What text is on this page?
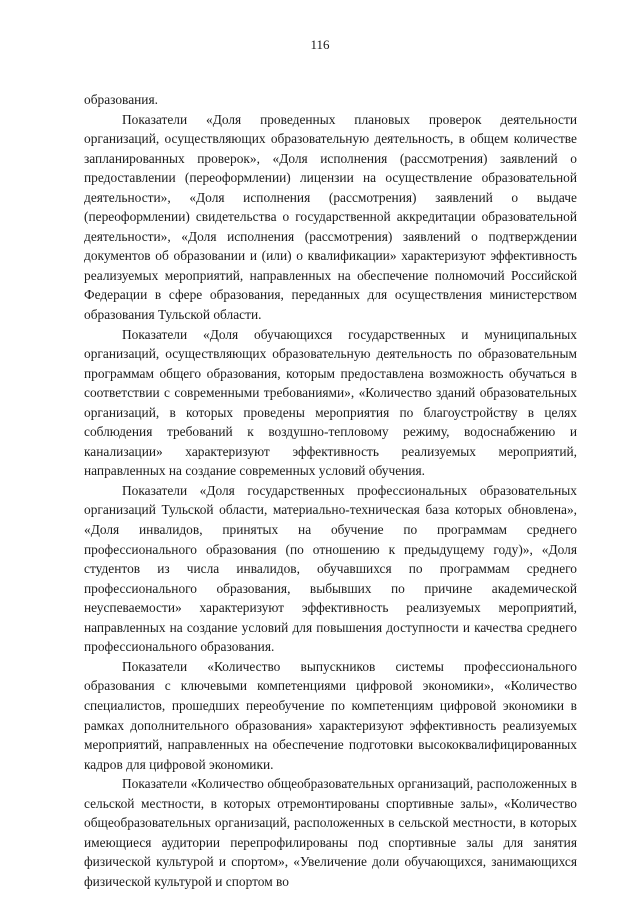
116

образования.

Показатели «Доля проведенных плановых проверок деятельности организаций, осуществляющих образовательную деятельность, в общем количестве запланированных проверок», «Доля исполнения (рассмотрения) заявлений о предоставлении (переоформлении) лицензии на осуществление образовательной деятельности», «Доля исполнения (рассмотрения) заявлений о выдаче (переоформлении) свидетельства о государственной аккредитации образовательной деятельности», «Доля исполнения (рассмотрения) заявлений о подтверждении документов об образовании и (или) о квалификации» характеризуют эффективность реализуемых мероприятий, направленных на обеспечение полномочий Российской Федерации в сфере образования, переданных для осуществления министерством образования Тульской области.

Показатели «Доля обучающихся государственных и муниципальных организаций, осуществляющих образовательную деятельность по образовательным программам общего образования, которым предоставлена возможность обучаться в соответствии с современными требованиями», «Количество зданий образовательных организаций, в которых проведены мероприятия по благоустройству в целях соблюдения требований к воздушно-тепловому режиму, водоснабжению и канализации» характеризуют эффективность реализуемых мероприятий, направленных на создание современных условий обучения.

Показатели «Доля государственных профессиональных образовательных организаций Тульской области, материально-техническая база которых обновлена», «Доля инвалидов, принятых на обучение по программам среднего профессионального образования (по отношению к предыдущему году)», «Доля студентов из числа инвалидов, обучавшихся по программам среднего профессионального образования, выбывших по причине академической неуспеваемости» характеризуют эффективность реализуемых мероприятий, направленных на создание условий для повышения доступности и качества среднего профессионального образования.

Показатели «Количество выпускников системы профессионального образования с ключевыми компетенциями цифровой экономики», «Количество специалистов, прошедших переобучение по компетенциям цифровой экономики в рамках дополнительного образования» характеризуют эффективность реализуемых мероприятий, направленных на обеспечение подготовки высококвалифицированных кадров для цифровой экономики.

Показатели «Количество общеобразовательных организаций, расположенных в сельской местности, в которых отремонтированы спортивные залы», «Количество общеобразовательных организаций, расположенных в сельской местности, в которых имеющиеся аудитории перепрофилированы под спортивные залы для занятия физической культурой и спортом», «Увеличение доли обучающихся, занимающихся физической культурой и спортом во
